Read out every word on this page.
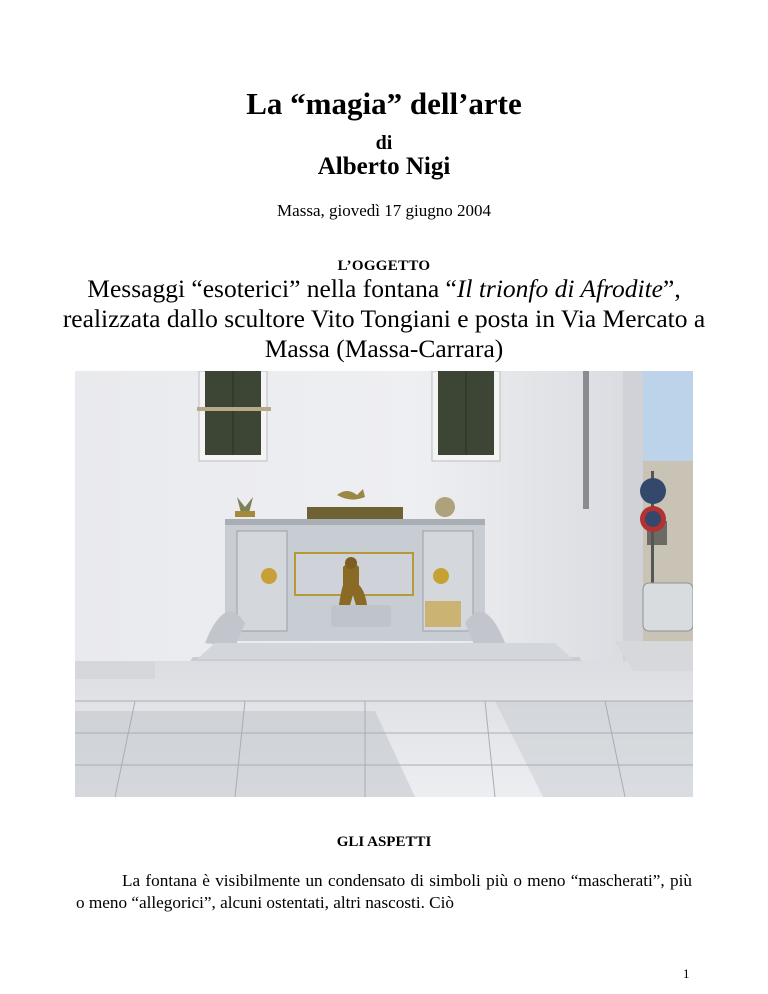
La “magia” dell’arte
di
Alberto Nigi
Massa, giovedì 17 giugno 2004
L’OGGETTO
Messaggi “esoterici” nella fontana “Il trionfo di Afrodite”, realizzata dallo scultore Vito Tongiani e posta in Via Mercato a Massa (Massa-Carrara)
GLI ASPETTI
La fontana è visibilmente un condensato di simboli più o meno “mascherati”, più o meno “allegorici”, alcuni ostentati, altri nascosti. Ciò
1
